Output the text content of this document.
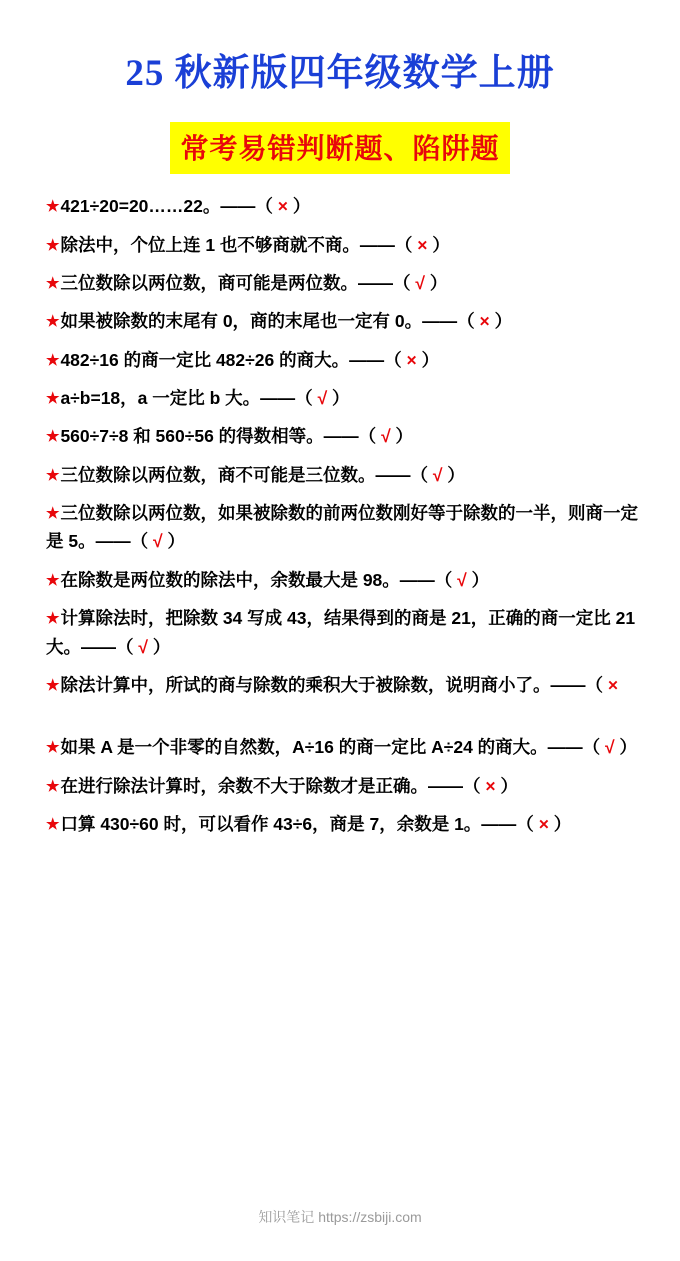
25 秋新版四年级数学上册
常考易错判断题、陷阱题
★421÷20=20……22。——（ × ）
★除法中，个位上连 1 也不够商就不商。——（ × ）
★三位数除以两位数，商可能是两位数。——（ √ ）
★如果被除数的末尾有 0，商的末尾也一定有 0。——（ × ）
★482÷16 的商一定比 482÷26 的商大。——（ × ）
★a÷b=18，a 一定比 b 大。——（ √ ）
★560÷7÷8 和 560÷56 的得数相等。——（ √ ）
★三位数除以两位数，商不可能是三位数。——（ √ ）
★三位数除以两位数，如果被除数的前两位数刚好等于除数的一半，则商一定是 5。——（ √ ）
★在除数是两位数的除法中，余数最大是 98。——（ √ ）
★计算除法时，把除数 34 写成 43，结果得到的商是 21，正确的商一定比 21 大。——（ √ ）
★除法计算中，所试的商与除数的乘积大于被除数，说明商小了。——（ ×
★如果 A 是一个非零的自然数，A÷16 的商一定比 A÷24 的商大。——（ √ ）
★在进行除法计算时，余数不大于除数才是正确。——（ × ）
★口算 430÷60 时，可以看作 43÷6，商是 7，余数是 1。——（ × ）
知识笔记 https://zsbiji.com
